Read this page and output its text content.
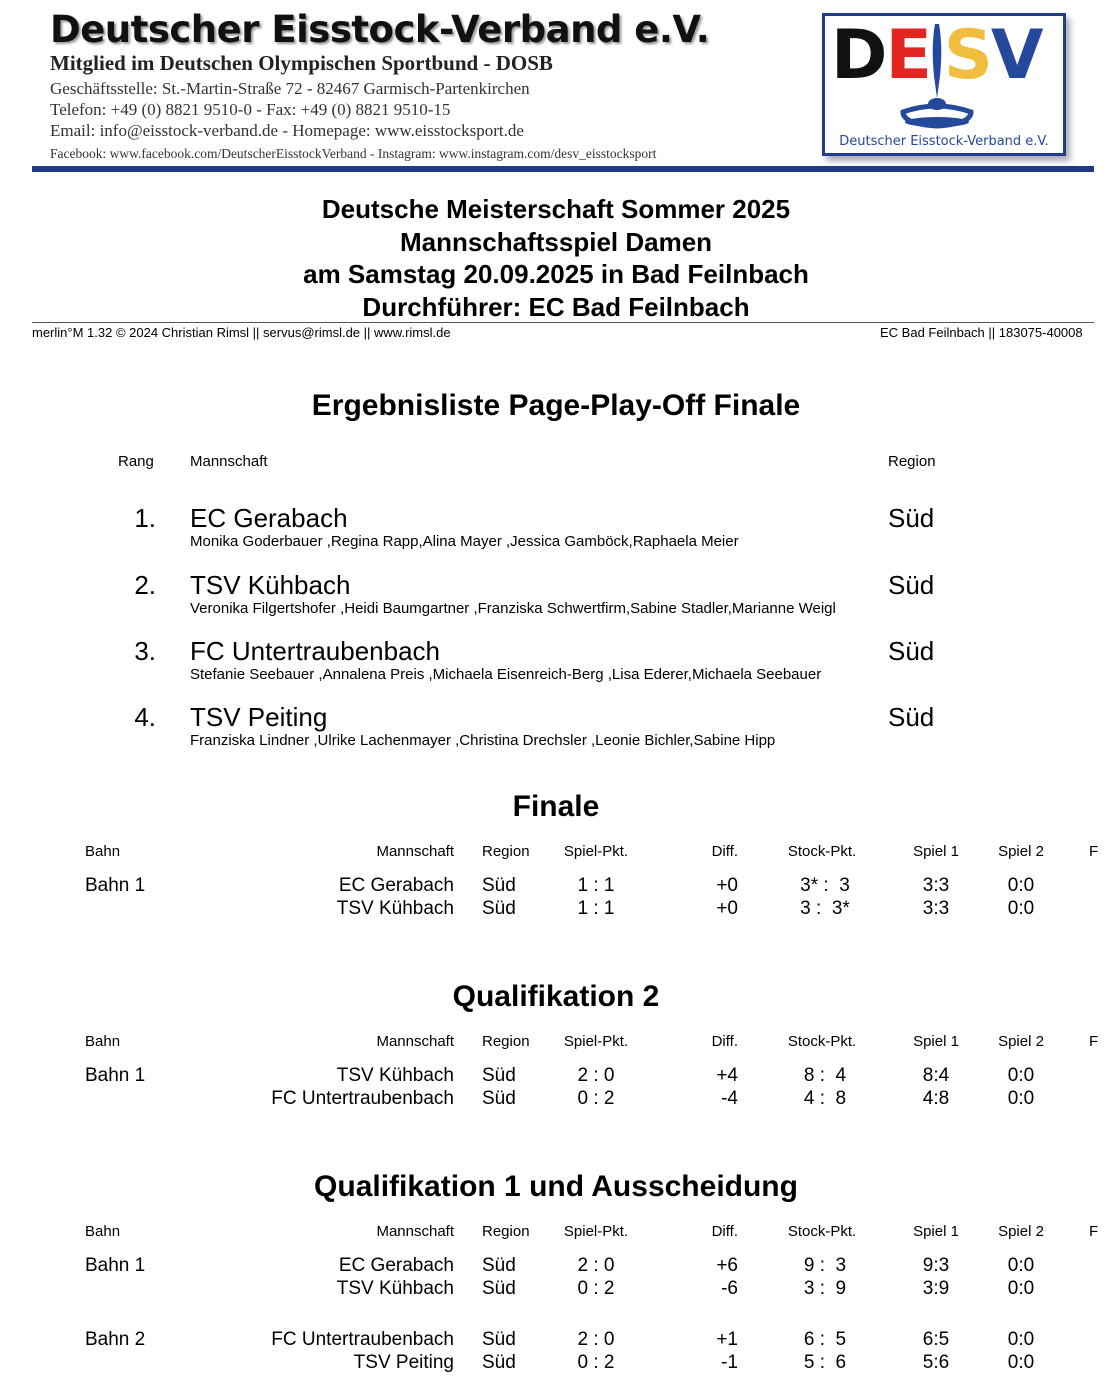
Deutscher Eisstock-Verband e.V.
Mitglied im Deutschen Olympischen Sportbund - DOSB
Geschäftsstelle: St.-Martin-Straße 72 - 82467 Garmisch-Partenkirchen
Telefon: +49 (0) 8821 9510-0 - Fax: +49 (0) 8821 9510-15
Email: info@eisstock-verband.de - Homepage: www.eisstocksport.de
Facebook: www.facebook.com/DeutscherEisstockVerband - Instagram: www.instagram.com/desv_eisstocksport
DE SV
Deutscher Eisstock-Verband e.V.
Deutsche Meisterschaft Sommer 2025
Mannschaftsspiel Damen
am Samstag 20.09.2025 in Bad Feilnbach
Durchführer: EC Bad Feilnbach
merlin°M 1.32 © 2024 Christian Rimsl || servus@rimsl.de || www.rimsl.de	EC Bad Feilnbach || 183075-40008
Ergebnisliste Page-Play-Off Finale
Rang Mannschaft	Region
1. EC Gerabach	Süd
Monika Goderbauer ,Regina Rapp,Alina Mayer ,Jessica Gamböck,Raphaela Meier
2. TSV Kühbach	Süd
Veronika Filgertshofer ,Heidi Baumgartner ,Franziska Schwertfirm,Sabine Stadler,Marianne Weigl
3. FC Untertraubenbach	Süd
Stefanie Seebauer ,Annalena Preis ,Michaela Eisenreich-Berg ,Lisa Ederer,Michaela Seebauer
4. TSV Peiting	Süd
Franziska Lindner ,Ulrike Lachenmayer ,Christina Drechsler ,Leonie Bichler,Sabine Hipp
Finale
Bahn	Mannschaft Region	Spiel-Pkt.	Diff.	Stock-Pkt.	Spiel 1	Spiel 2	F
Bahn 1	EC Gerabach Süd	1 : 1	+0	3* :  3	3:3	0:0
TSV Kühbach Süd	1 : 1	+0	3 :  3*	3:3	0:0
Qualifikation 2
Bahn	Mannschaft Region	Spiel-Pkt.	Diff.	Stock-Pkt.	Spiel 1	Spiel 2	F
Bahn 1	TSV Kühbach Süd	2 : 0	+4	8 :  4	8:4	0:0
FC Untertraubenbach Süd	0 : 2	-4	4 :  8	4:8	0:0
Qualifikation 1 und Ausscheidung
Bahn	Mannschaft Region	Spiel-Pkt.	Diff.	Stock-Pkt.	Spiel 1	Spiel 2	F
Bahn 1	EC Gerabach Süd	2 : 0	+6	9 :  3	9:3	0:0
TSV Kühbach Süd	0 : 2	-6	3 :  9	3:9	0:0
Bahn 2	FC Untertraubenbach Süd	2 : 0	+1	6 :  5	6:5	0:0
TSV Peiting Süd	0 : 2	-1	5 :  6	5:6	0:0
